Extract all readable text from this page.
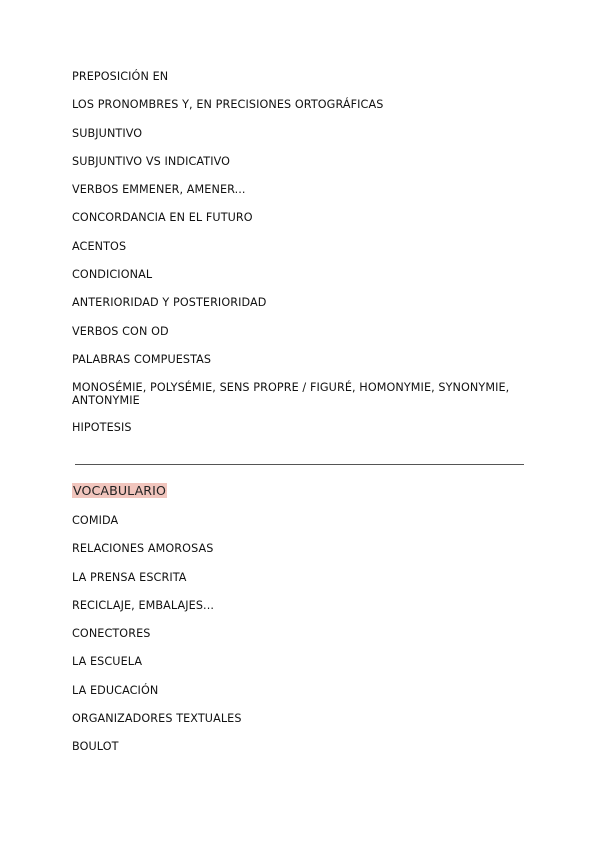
PREPOSICIÓN EN
LOS PRONOMBRES Y, EN PRECISIONES ORTOGRÁFICAS
SUBJUNTIVO
SUBJUNTIVO VS INDICATIVO
VERBOS EMMENER, AMENER...
CONCORDANCIA EN EL FUTURO
ACENTOS
CONDICIONAL
ANTERIORIDAD Y POSTERIORIDAD
VERBOS CON OD
PALABRAS COMPUESTAS
MONOSÉMIE, POLYSÉMIE, SENS PROPRE / FIGURÉ, HOMONYMIE, SYNONYMIE, ANTONYMIE
HIPOTESIS
VOCABULARIO
COMIDA
RELACIONES AMOROSAS
LA PRENSA ESCRITA
RECICLAJE, EMBALAJES...
CONECTORES
LA ESCUELA
LA EDUCACIÓN
ORGANIZADORES TEXTUALES
BOULOT
